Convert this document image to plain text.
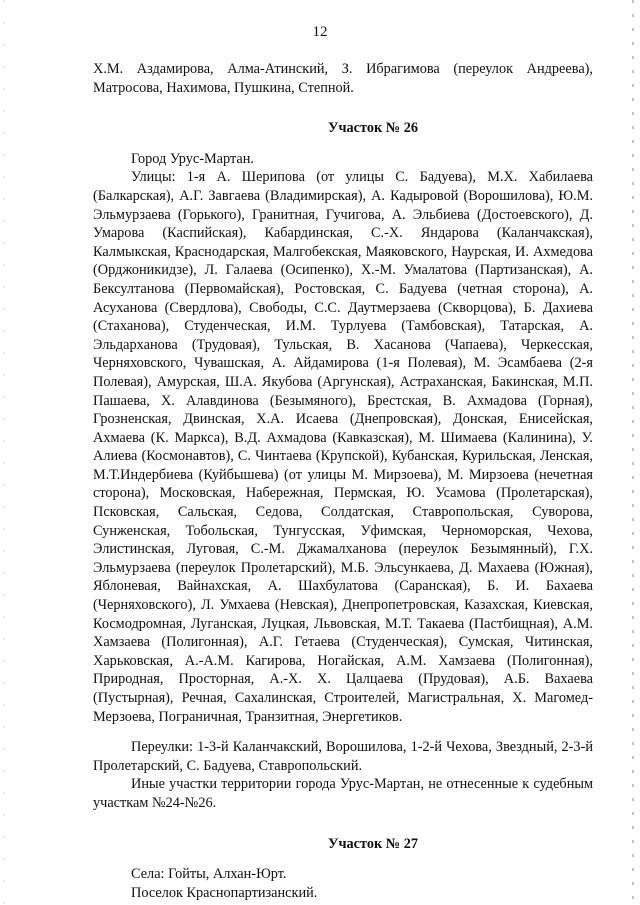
12

Х.М. Аздамирова, Алма-Атинский, З. Ибрагимова (переулок Андреева), Матросова, Нахимова, Пушкина, Степной.

Участок № 26

Город Урус-Мартан.

Улицы: 1-я А. Шерипова (от улицы С. Бадуева), М.Х. Хабилаева (Балкарская), А.Г. Завгаева (Владимирская), А. Кадыровой (Ворошилова), Ю.М. Эльмурзаева (Горького), Гранитная, Гучигова, А. Эльбиева (Достоевского), Д. Умарова (Каспийская), Кабардинская, С.-Х. Яндарова (Каланчакская), Калмыкская, Краснодарская, Малгобекская, Маяковского, Наурская, И. Ахмедова (Орджоникидзе), Л. Галаева (Осипенко), Х.-М. Умалатова (Партизанская), А. Бексултанова (Первомайская), Ростовская, С. Бадуева (четная сторона), А. Асуханова (Свердлова), Свободы, С.С. Даутмерзаева (Скворцова), Б. Дахиева (Стаханова), Студенческая, И.М. Турлуева (Тамбовская), Татарская, А. Эльдарханова (Трудовая), Тульская, В. Хасанова (Чапаева), Черкесская, Черняховского, Чувашская, А. Айдамирова (1-я Полевая), М. Эсамбаева (2-я Полевая), Амурская, Ш.А. Якубова (Аргунская), Астраханская, Бакинская, М.П. Пашаева, Х. Алавдинова (Безымяного), Брестская, В. Ахмадова (Горная), Грозненская, Двинская, Х.А. Исаева (Днепровская), Донская, Енисейская, Ахмаева (К. Маркса), В.Д. Ахмадова (Кавказская), М. Шимаева (Калинина), У. Алиева (Космонавтов), С. Чинтаева (Крупской), Кубанская, Курильская, Ленская, М.Т.Индербиева (Куйбышева) (от улицы М. Мирзоева), М. Мирзоева (нечетная сторона), Московская, Набережная, Пермская, Ю. Усамова (Пролетарская), Псковская, Сальская, Седова, Солдатская, Ставропольская, Суворова, Сунженская, Тобольская, Тунгусская, Уфимская, Черноморская, Чехова, Элистинская, Луговая, С.-М. Джамалханова (переулок Безымянный), Г.Х. Эльмурзаева (переулок Пролетарский), М.Б. Эльсункаева, Д. Махаева (Южная), Яблоневая, Вайнахская, А. Шахбулатова (Саранская), Б. И. Бахаева (Черняховского), Л. Умхаева (Невская), Днепропетровская, Казахская, Киевская, Космодромная, Луганская, Луцкая, Львовская, М.Т. Такаева (Пастбищная), А.М. Хамзаева (Полигонная), А.Г. Гетаева (Студенческая), Сумская, Читинская, Харьковская, А.-А.М. Кагирова, Ногайская, А.М. Хамзаева (Полигонная), Природная, Просторная, А.-Х. Х. Цалцаева (Прудовая), А.Б. Вахаева (Пустырная), Речная, Сахалинская, Строителей, Магистральная, Х. Магомед-Мерзоева, Пограничная, Транзитная, Энергетиков.

Переулки: 1-3-й Каланчакский, Ворошилова, 1-2-й Чехова, Звездный, 2-3-й Пролетарский, С. Бадуева, Ставропольский.

Иные участки территории города Урус-Мартан, не отнесенные к судебным участкам №24-№26.

Участок № 27

Села: Гойты, Алхан-Юрт.

Поселок Краснопартизанский.
